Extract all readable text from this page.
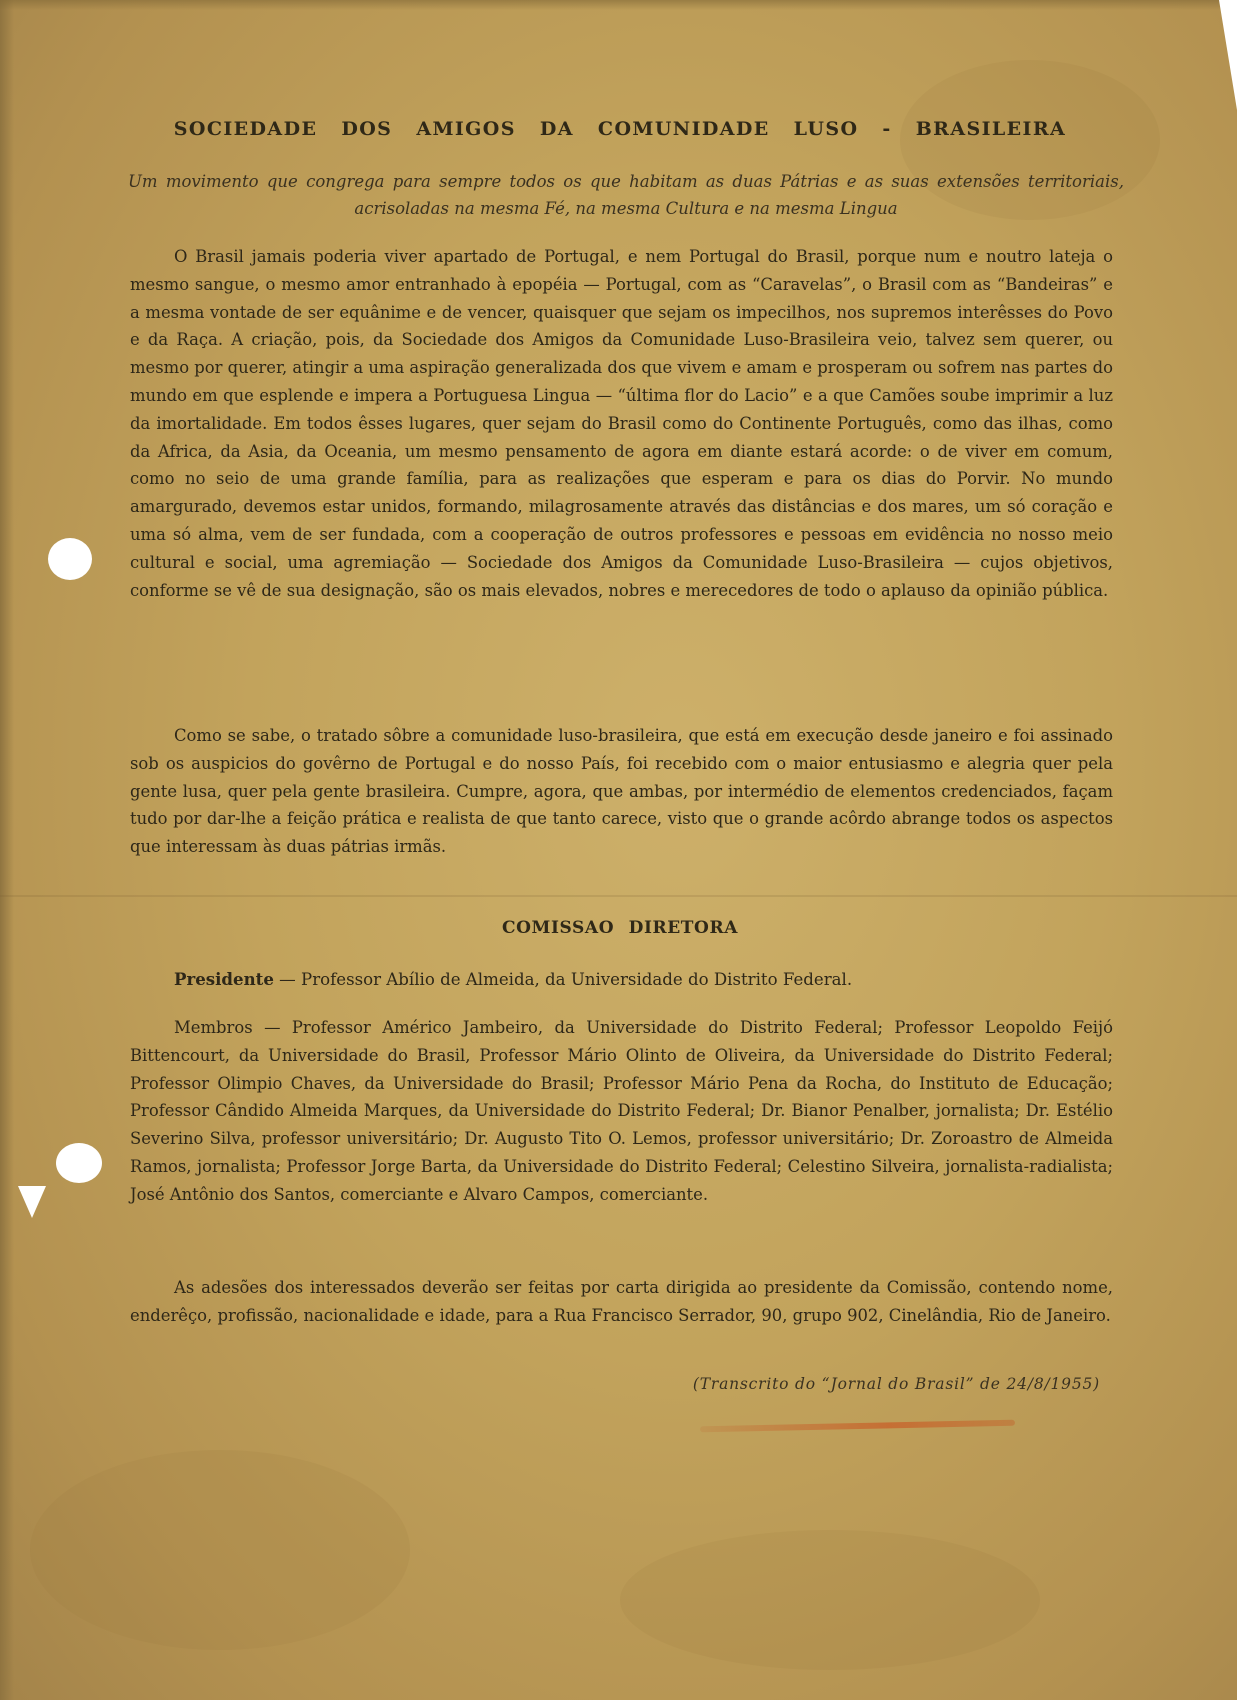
SOCIEDADE DOS AMIGOS DA COMUNIDADE LUSO - BRASILEIRA
Um movimento que congrega para sempre todos os que habitam as duas Pátrias e as suas extensões territoriais, acrisoladas na mesma Fé, na mesma Cultura e na mesma Lingua

O Brasil jamais poderia viver apartado de Portugal, e nem Portugal do Brasil, porque num e noutro lateja o mesmo sangue, o mesmo amor entranhado à epopéia — Portugal, com as “Caravelas”, o Brasil com as “Bandeiras” e a mesma vontade de ser equânime e de vencer, quaisquer que sejam os impecilhos, nos supremos interêsses do Povo e da Raça. A criação, pois, da Sociedade dos Amigos da Comunidade Luso-Brasileira veio, talvez sem querer, ou mesmo por querer, atingir a uma aspiração generalizada dos que vivem e amam e prosperam ou sofrem nas partes do mundo em que esplende e impera a Portuguesa Lingua — “última flor do Lacio” e a que Camões soube imprimir a luz da imortalidade. Em todos êsses lugares, quer sejam do Brasil como do Continente Português, como das ilhas, como da Africa, da Asia, da Oceania, um mesmo pensamento de agora em diante estará acorde: o de viver em comum, como no seio de uma grande família, para as realizações que esperam e para os dias do Porvir. No mundo amargurado, devemos estar unidos, formando, milagrosamente através das distâncias e dos mares, um só coração e uma só alma, vem de ser fundada, com a cooperação de outros professores e pessoas em evidência no nosso meio cultural e social, uma agremiação — Sociedade dos Amigos da Comunidade Luso-Brasileira — cujos objetivos, conforme se vê de sua designação, são os mais elevados, nobres e merecedores de todo o aplauso da opinião pública.

Como se sabe, o tratado sôbre a comunidade luso-brasileira, que está em execução desde janeiro e foi assinado sob os auspicios do govêrno de Portugal e do nosso País, foi recebido com o maior entusiasmo e alegria quer pela gente lusa, quer pela gente brasileira. Cumpre, agora, que ambas, por intermédio de elementos credenciados, façam tudo por dar-lhe a feição prática e realista de que tanto carece, visto que o grande acôrdo abrange todos os aspectos que interessam às duas pátrias irmãs.

COMISSAO DIRETORA
Presidente — Professor Abílio de Almeida, da Universidade do Distrito Federal.
Membros — Professor Américo Jambeiro, da Universidade do Distrito Federal; Professor Leopoldo Feijó Bittencourt, da Universidade do Brasil, Professor Mário Olinto de Oliveira, da Universidade do Distrito Federal; Professor Olimpio Chaves, da Universidade do Brasil; Professor Mário Pena da Rocha, do Instituto de Educação; Professor Cândido Almeida Marques, da Universidade do Distrito Federal; Dr. Bianor Penalber, jornalista; Dr. Estélio Severino Silva, professor universitário; Dr. Augusto Tito O. Lemos, professor universitário; Dr. Zoroastro de Almeida Ramos, jornalista; Professor Jorge Barta, da Universidade do Distrito Federal; Celestino Silveira, jornalista-radialista; José Antônio dos Santos, comerciante e Alvaro Campos, comerciante.

As adesões dos interessados deverão ser feitas por carta dirigida ao presidente da Comissão, contendo nome, enderêço, profissão, nacionalidade e idade, para a Rua Francisco Serrador, 90, grupo 902, Cinelândia, Rio de Janeiro.

(Transcrito do “Jornal do Brasil” de 24/8/1955)
